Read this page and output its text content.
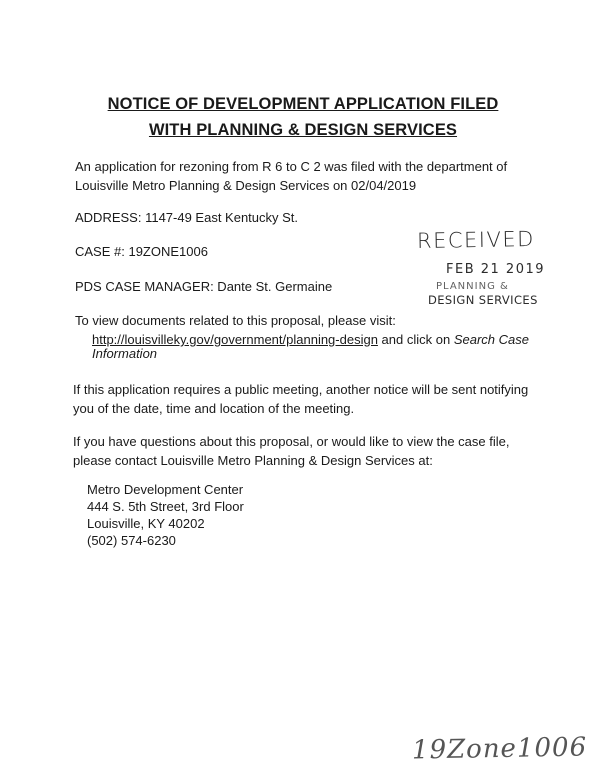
NOTICE OF DEVELOPMENT APPLICATION FILED
WITH PLANNING & DESIGN SERVICES
An application for rezoning from R 6 to C 2 was filed with the department of
Louisville Metro Planning & Design Services on 02/04/2019
ADDRESS: 1147-49 East Kentucky St.
CASE #: 19ZONE1006
PDS CASE MANAGER: Dante St. Germaine
To view documents related to this proposal, please visit:
http://louisvilleky.gov/government/planning-design and click on Search Case
Information
If this application requires a public meeting, another notice will be sent notifying
you of the date, time and location of the meeting.
If you have questions about this proposal, or would like to view the case file,
please contact Louisville Metro Planning & Design Services at:
Metro Development Center
444 S. 5th Street, 3rd Floor
Louisville, KY 40202
(502) 574-6230
RECEIVED
FEB 21 2019
PLANNING &
DESIGN SERVICES
19Zone1006
